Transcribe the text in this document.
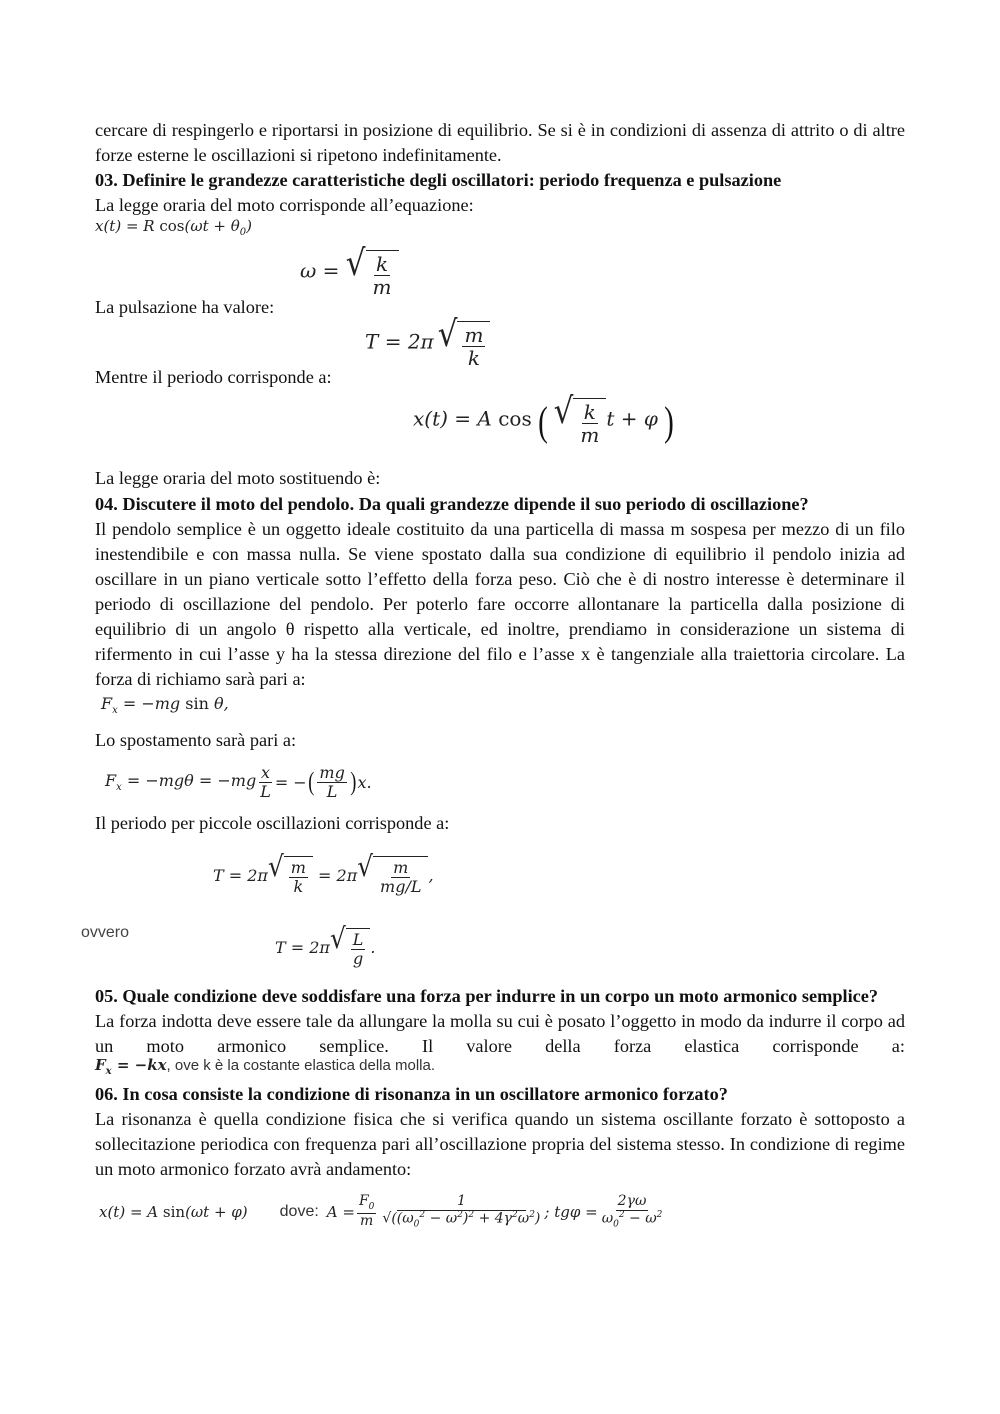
cercare di respingerlo e riportarsi in posizione di equilibrio. Se si è in condizioni di assenza di attrito o di altre forze esterne le oscillazioni si ripetono indefinitamente.

03. Definire le grandezze caratteristiche degli oscillatori: periodo frequenza e pulsazione

La legge oraria del moto corrisponde all’equazione:

x(t) = R $\cos(\omega t + \theta_0)$
ω = √ $\frac{k}{m}$

La pulsazione ha valore:

T = 2π √ $\frac{m}{k}$

Mentre il periodo corrisponde a:

x(t) = A cos ( √ $\frac{k}{m}$ t + φ )

La legge oraria del moto sostituendo è:

04. Discutere il moto del pendolo. Da quali grandezze dipende il suo periodo di oscillazione?

Il pendolo semplice è un oggetto ideale costituito da una particella di massa m sospesa per mezzo di un filo inestendibile e con massa nulla. Se viene spostato dalla sua condizione di equilibrio il pendolo inizia ad oscillare in un piano verticale sotto l’effetto della forza peso. Ciò che è di nostro interesse è determinare il periodo di oscillazione del pendolo. Per poterlo fare occorre allontanare la particella dalla posizione di equilibrio di un angolo θ rispetto alla verticale, ed inoltre, prendiamo in considerazione un sistema di rifermento in cui l’asse y ha la stessa direzione del filo e l’asse x è tangenziale alla traiettoria circolare. La forza di richiamo sarà pari a:

$F_x = -mg$ sin θ,

Lo spostamento sarà pari a:

$F_x = -mg\theta = -mg \frac{x}{L}$ = − ( $\frac{mg}{L}$ ) x.

Il periodo per piccole oscillazioni corrisponde a:

T = 2π √ $\frac{m}{k} = 2\pi$ √ $\frac{m}{mg/L}$ ,
ovvero
T = 2π √ $\frac{L}{g}$ .
05. Quale condizione deve soddisfare una forza per indurre in un corpo un moto armonico semplice?

La forza indotta deve essere tale da allungare la molla su cui è posato l’oggetto in modo da indurre il corpo ad un moto armonico semplice. Il valore della forza elastica corrisponde a:

$F_x = -kx$, ove k è la costante elastica della molla.
06. In cosa consiste la condizione di risonanza in un oscillatore armonico forzato?

La risonanza è quella condizione fisica che si verifica quando un sistema oscillante forzato è sottoposto a sollecitazione periodica con frequenza pari all’oscillazione propria del sistema stesso. In condizione di regime un moto armonico forzato avrà andamento:

x(t) = A sin(ωt + φ) dove: $A = \frac{F_0}{m} \frac{1}{√((\omega_0^2 - \omega^2)^2 + 4\gamma^2\omega^2)}$ ; $tg\varphi = \frac{2\gamma\omega}{\omega_0^2 - \omega^2}$
